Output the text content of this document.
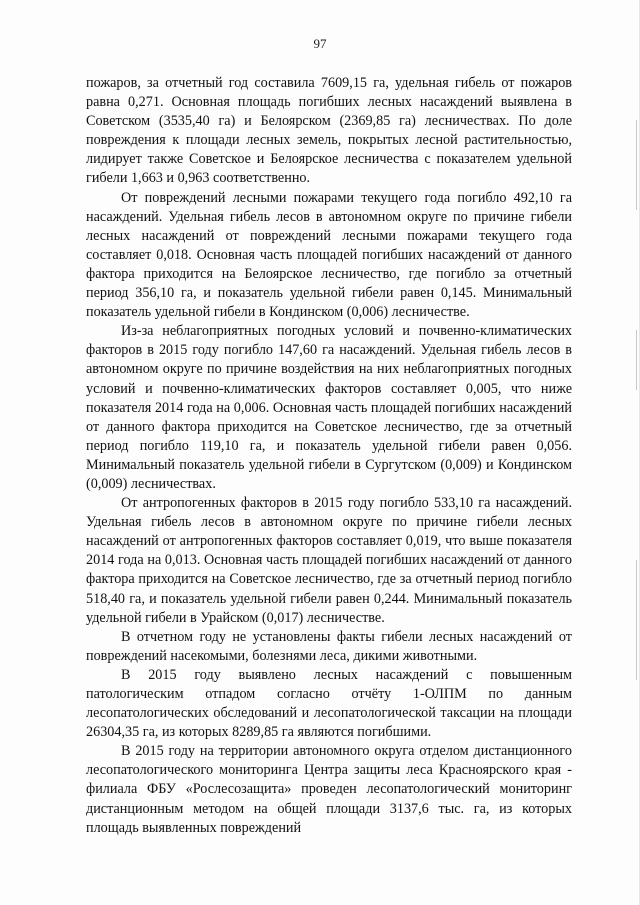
97

пожаров, за отчетный год составила 7609,15 га, удельная гибель от пожаров равна 0,271. Основная площадь погибших лесных насаждений выявлена в Советском (3535,40 га) и Белоярском (2369,85 га) лесничествах. По доле повреждения к площади лесных земель, покрытых лесной растительностью, лидирует также Советское и Белоярское лесничества с показателем удельной гибели 1,663 и 0,963 соответственно.

От повреждений лесными пожарами текущего года погибло 492,10 га насаждений. Удельная гибель лесов в автономном округе по причине гибели лесных насаждений от повреждений лесными пожарами текущего года составляет 0,018. Основная часть площадей погибших насаждений от данного фактора приходится на Белоярское лесничество, где погибло за отчетный период 356,10 га, и показатель удельной гибели равен 0,145. Минимальный показатель удельной гибели в Кондинском (0,006) лесничестве.

Из-за неблагоприятных погодных условий и почвенно-климатических факторов в 2015 году погибло 147,60 га насаждений. Удельная гибель лесов в автономном округе по причине воздействия на них неблагоприятных погодных условий и почвенно-климатических факторов составляет 0,005, что ниже показателя 2014 года на 0,006. Основная часть площадей погибших насаждений от данного фактора приходится на Советское лесничество, где за отчетный период погибло 119,10 га, и показатель удельной гибели равен 0,056. Минимальный показатель удельной гибели в Сургутском (0,009) и Кондинском (0,009) лесничествах.

От антропогенных факторов в 2015 году погибло 533,10 га насаждений. Удельная гибель лесов в автономном округе по причине гибели лесных насаждений от антропогенных факторов составляет 0,019, что выше показателя 2014 года на 0,013. Основная часть площадей погибших насаждений от данного фактора приходится на Советское лесничество, где за отчетный период погибло 518,40 га, и показатель удельной гибели равен 0,244. Минимальный показатель удельной гибели в Урайском (0,017) лесничестве.

В отчетном году не установлены факты гибели лесных насаждений от повреждений насекомыми, болезнями леса, дикими животными.

В 2015 году выявлено лесных насаждений с повышенным патологическим отпадом согласно отчёту 1-ОЛПМ по данным лесопатологических обследований и лесопатологической таксации на площади 26304,35 га, из которых 8289,85 га являются погибшими.

В 2015 году на территории автономного округа отделом дистанционного лесопатологического мониторинга Центра защиты леса Красноярского края - филиала ФБУ «Рослесозащита» проведен лесопатологический мониторинг дистанционным методом на общей площади 3137,6 тыс. га, из которых площадь выявленных повреждений
